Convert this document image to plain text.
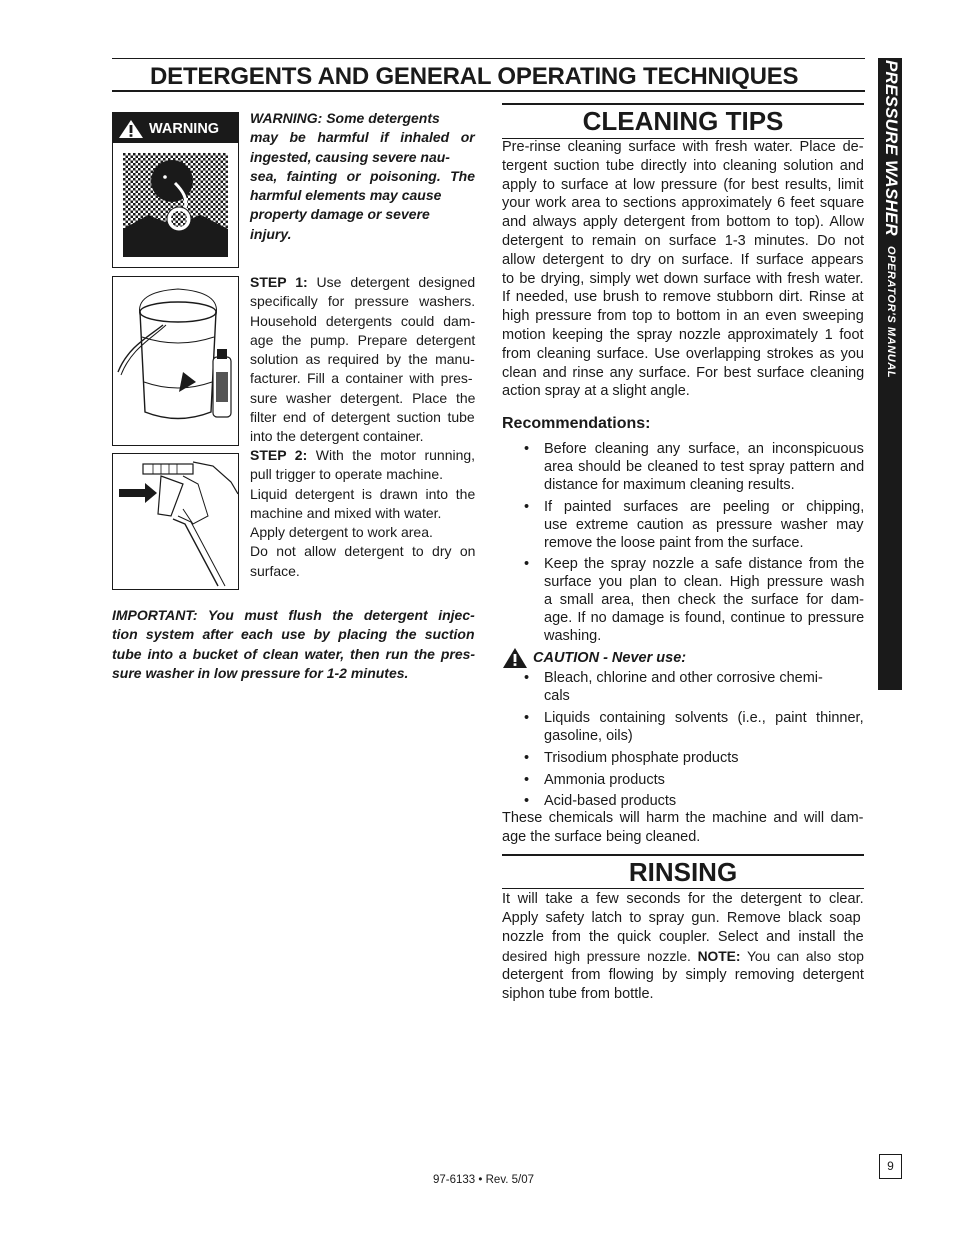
DETERGENTS AND GENERAL OPERATING TECHNIQUES	PRESSURE WASHEROPERATOR'S MANUAL
WARNING
WARNING: Some detergents
may be harmful if inhaled or
ingested, causing severe nau-
sea, fainting or poisoning. The
harmful elements may cause
property damage or severe
injury.
STEP 1: Use detergent designed
specifically for pressure washers.
Household detergents could dam-
age the pump. Prepare detergent
solution as required by the manu-
facturer. Fill a container with pres-
sure washer detergent. Place the
filter end of detergent suction tube
into the detergent container.
STEP 2: With the motor running,
pull trigger to operate machine.
Liquid detergent is drawn into the
machine and mixed with water.
Apply detergent to work area.
Do not allow detergent to dry on
surface.
IMPORTANT: You must flush the detergent injec-
tion system after each use by placing the suction
tube into a bucket of clean water, then run the pres-
sure washer in low pressure for 1-2 minutes.
CLEANING TIPS
Pre-rinse cleaning surface with fresh water. Place de-
tergent suction tube directly into cleaning solution and
apply to surface at low pressure (for best results, limit
your work area to sections approximately 6 feet square
and always apply detergent from bottom to top). Allow
detergent to remain on surface 1-3 minutes. Do not
allow detergent to dry on surface. If surface appears
to be drying, simply wet down surface with fresh water.
If needed, use brush to remove stubborn dirt. Rinse at
high pressure from top to bottom in an even sweeping
motion keeping the spray nozzle approximately 1 foot
from cleaning surface. Use overlapping strokes as you
clean and rinse any surface. For best surface cleaning
action spray at a slight angle.
Recommendations:
• Before cleaning any surface, an inconspicuous
area should be cleaned to test spray pattern and
distance for maximum cleaning results.
• If painted surfaces are peeling or chipping,
use extreme caution as pressure washer may
remove the loose paint from the surface.
• Keep the spray nozzle a safe distance from the
surface you plan to clean. High pressure wash
a small area, then check the surface for dam-
age. If no damage is found, continue to pressure
washing.
CAUTION - Never use:
• Bleach, chlorine and other corrosive chemi-
cals
• Liquids containing solvents (i.e., paint thinner,
gasoline, oils)
• Trisodium phosphate products
• Ammonia products
• Acid-based products
These chemicals will harm the machine and will dam-
age the surface being cleaned.
RINSING
It will take a few seconds for the detergent to clear.
Apply safety latch to spray gun. Remove black soap
nozzle from the quick coupler. Select and install the
desired high pressure nozzle. NOTE: You can also stop
detergent from flowing by simply removing detergent
siphon tube from bottle.
9
97-6133 • Rev. 5/07
